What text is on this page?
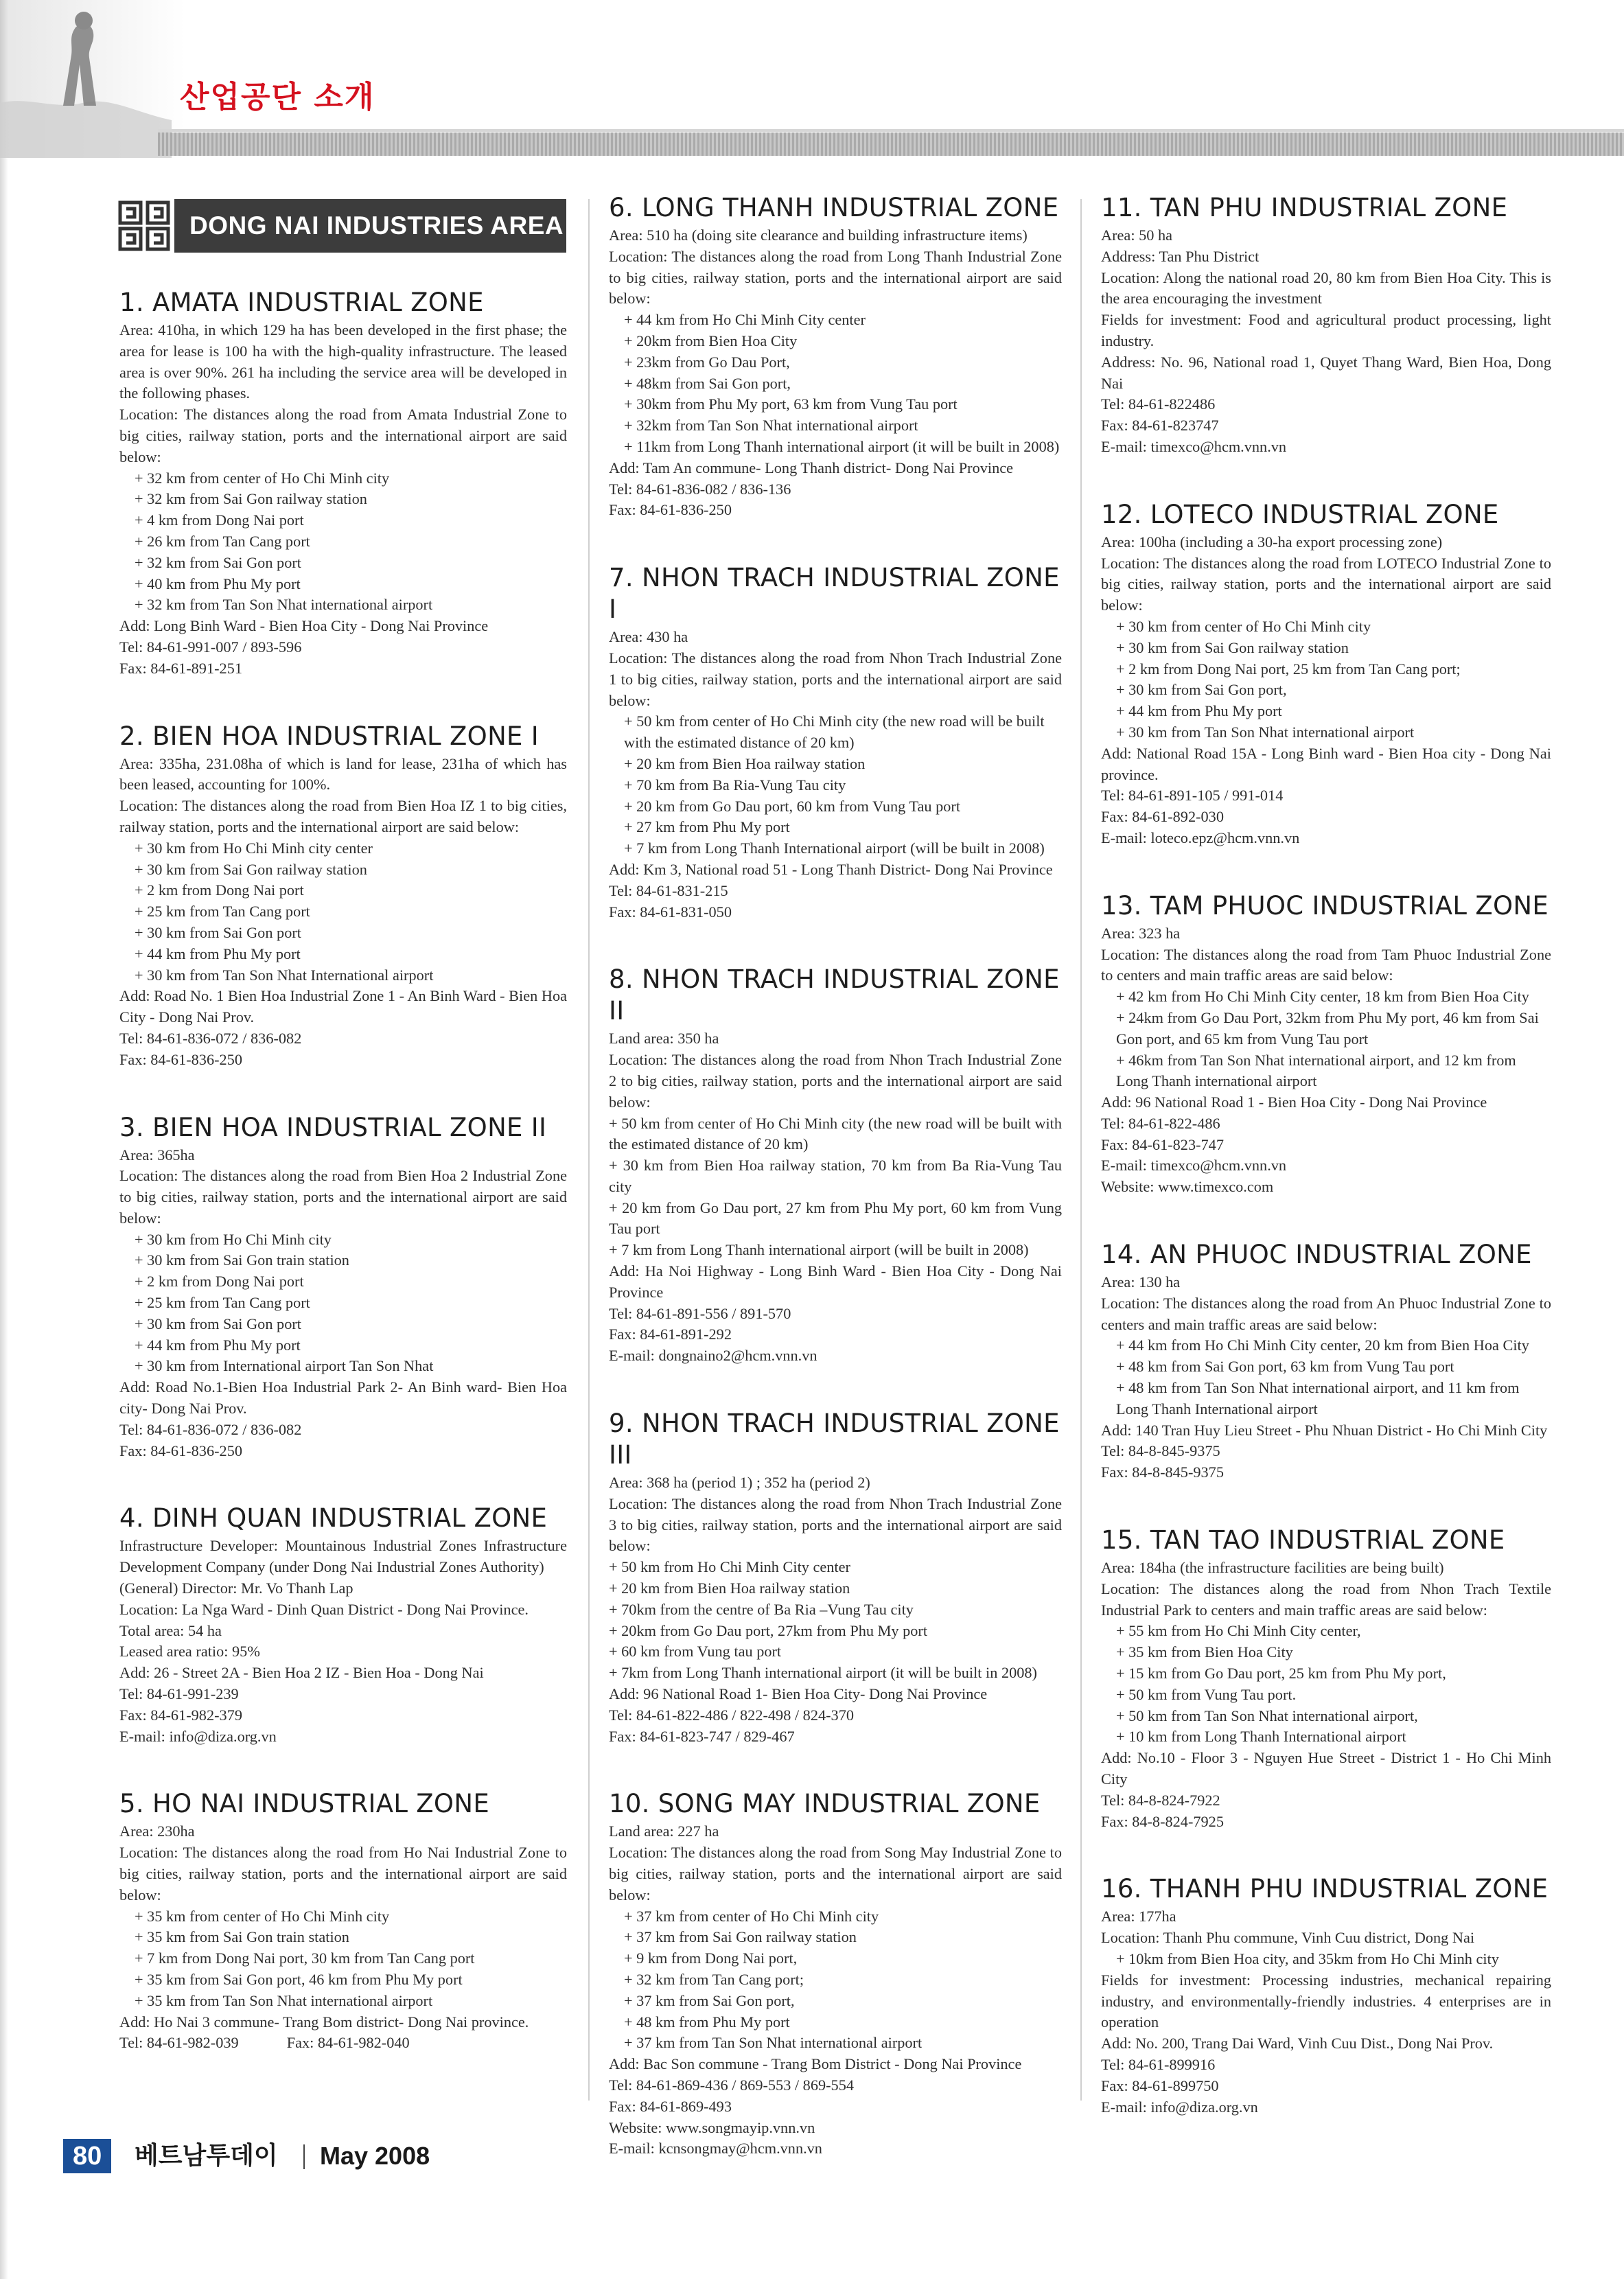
산업공단 소개
DONG NAI INDUSTRIES AREA
1. AMATA INDUSTRIAL ZONE

Area: 410ha, in which 129 ha has been developed in the first phase; the area for lease is 100 ha with the high-quality infrastructure. The leased area is over 90%. 261 ha including the service area will be developed in the following phases.

Location: The distances along the road from Amata Industrial Zone to big cities, railway station, ports and the international airport are said below:

+ 32 km from center of Ho Chi Minh city

+ 32 km from Sai Gon railway station

+ 4 km from Dong Nai port

+ 26 km from Tan Cang port

+ 32 km from Sai Gon port

+ 40 km from Phu My port

+ 32 km from Tan Son Nhat international airport

Add: Long Binh Ward - Bien Hoa City - Dong Nai Province

Tel: 84-61-991-007 / 893-596

Fax: 84-61-891-251

2. BIEN HOA INDUSTRIAL ZONE I

Area: 335ha, 231.08ha of which is land for lease, 231ha of which has been leased, accounting for 100%.

Location: The distances along the road from Bien Hoa IZ 1 to big cities, railway station, ports and the international airport are said below:

+ 30 km from Ho Chi Minh city center

+ 30 km from Sai Gon railway station

+ 2 km from Dong Nai port

+ 25 km from Tan Cang port

+ 30 km from Sai Gon port

+ 44 km from Phu My port

+ 30 km from Tan Son Nhat International airport

Add: Road No. 1 Bien Hoa Industrial Zone 1 - An Binh Ward - Bien Hoa City - Dong Nai Prov.

Tel: 84-61-836-072 / 836-082

Fax: 84-61-836-250

3. BIEN HOA INDUSTRIAL ZONE II

Area: 365ha

Location: The distances along the road from Bien Hoa 2 Industrial Zone to big cities, railway station, ports and the international airport are said below:

+ 30 km from Ho Chi Minh city

+ 30 km from Sai Gon train station

+ 2 km from Dong Nai port

+ 25 km from Tan Cang port

+ 30 km from Sai Gon port

+ 44 km from Phu My port

+ 30 km from International airport Tan Son Nhat

Add: Road No.1-Bien Hoa Industrial Park 2- An Binh ward- Bien Hoa city- Dong Nai Prov.

Tel: 84-61-836-072 / 836-082

Fax: 84-61-836-250

4. DINH QUAN INDUSTRIAL ZONE

Infrastructure Developer: Mountainous Industrial Zones Infrastructure Development Company (under Dong Nai Industrial Zones Authority)

(General) Director: Mr. Vo Thanh Lap

Location: La Nga Ward - Dinh Quan District - Dong Nai Province.

Total area: 54 ha

Leased area ratio: 95%

Add: 26 - Street 2A - Bien Hoa 2 IZ - Bien Hoa - Dong Nai

Tel: 84-61-991-239

Fax: 84-61-982-379

E-mail: info@diza.org.vn

5. HO NAI INDUSTRIAL ZONE

Area: 230ha

Location: The distances along the road from Ho Nai Industrial Zone to big cities, railway station, ports and the international airport are said below:

+ 35 km from center of Ho Chi Minh city

+ 35 km from Sai Gon train station

+ 7 km from Dong Nai port, 30 km from Tan Cang port

+ 35 km from Sai Gon port, 46 km from Phu My port

+ 35 km from Tan Son Nhat international airport

Add: Ho Nai 3 commune- Trang Bom district- Dong Nai province.

Tel: 84-61-982-039	Fax: 84-61-982-040

6. LONG THANH INDUSTRIAL ZONE

Area: 510 ha (doing site clearance and building infrastructure items)

Location: The distances along the road from Long Thanh Industrial Zone to big cities, railway station, ports and the international airport are said below:

+ 44 km from Ho Chi Minh City center

+ 20km from Bien Hoa City

+ 23km from Go Dau Port,

+ 48km from Sai Gon port,

+ 30km from Phu My port, 63 km from Vung Tau port

+ 32km from Tan Son Nhat international airport

+ 11km from Long Thanh international airport (it will be built in 2008)

Add: Tam An commune- Long Thanh district- Dong Nai Province

Tel: 84-61-836-082 / 836-136

Fax: 84-61-836-250

7. NHON TRACH INDUSTRIAL ZONE I

Area: 430 ha

Location: The distances along the road from Nhon Trach Industrial Zone 1 to big cities, railway station, ports and the international airport are said below:

+ 50 km from center of Ho Chi Minh city (the new road will be built with the estimated distance of 20 km)

+ 20 km from Bien Hoa railway station

+ 70 km from Ba Ria-Vung Tau city

+ 20 km from Go Dau port, 60 km from Vung Tau port

+ 27 km from Phu My port

+ 7 km from Long Thanh International airport (will be built in 2008)

Add: Km 3, National road 51 - Long Thanh District- Dong Nai Province

Tel: 84-61-831-215

Fax: 84-61-831-050

8. NHON TRACH INDUSTRIAL ZONE II

Land area: 350 ha

Location: The distances along the road from Nhon Trach Industrial Zone 2 to big cities, railway station, ports and the international airport are said below:

+ 50 km from center of Ho Chi Minh city (the new road will be built with the estimated distance of 20 km)

+ 30 km from Bien Hoa railway station, 70 km from Ba Ria-Vung Tau city

+ 20 km from Go Dau port, 27 km from Phu My port, 60 km from Vung Tau port

+ 7 km from Long Thanh international airport (will be built in 2008)

Add: Ha Noi Highway - Long Binh Ward - Bien Hoa City - Dong Nai Province

Tel: 84-61-891-556 / 891-570

Fax: 84-61-891-292

E-mail: dongnaino2@hcm.vnn.vn

9. NHON TRACH INDUSTRIAL ZONE III

Area: 368 ha (period 1) ; 352 ha (period 2)

Location: The distances along the road from Nhon Trach Industrial Zone 3 to big cities, railway station, ports and the international airport are said below:

+ 50 km from Ho Chi Minh City center

+ 20 km from Bien Hoa railway station

+ 70km from the centre of Ba Ria –Vung Tau city

+ 20km from Go Dau port, 27km from Phu My port

+ 60 km from Vung tau port

+ 7km from Long Thanh international airport (it will be built in 2008)

Add: 96 National Road 1- Bien Hoa City- Dong Nai Province

Tel: 84-61-822-486 / 822-498 / 824-370

Fax: 84-61-823-747 / 829-467

10. SONG MAY INDUSTRIAL ZONE

Land area: 227 ha

Location: The distances along the road from Song May Industrial Zone to big cities, railway station, ports and the international airport are said below:

+ 37 km from center of Ho Chi Minh city

+ 37 km from Sai Gon railway station

+ 9 km from Dong Nai port,

+ 32 km from Tan Cang port;

+ 37 km from Sai Gon port,

+ 48 km from Phu My port

+ 37 km from Tan Son Nhat international airport

Add: Bac Son commune - Trang Bom District - Dong Nai Province

Tel: 84-61-869-436 / 869-553 / 869-554

Fax: 84-61-869-493

Website: www.songmayip.vnn.vn

E-mail: kcnsongmay@hcm.vnn.vn

11. TAN PHU INDUSTRIAL ZONE

Area: 50 ha

Address: Tan Phu District

Location: Along the national road 20, 80 km from Bien Hoa City. This is the area encouraging the investment

Fields for investment: Food and agricultural product processing, light industry.

Address: No. 96, National road 1, Quyet Thang Ward, Bien Hoa, Dong Nai

Tel: 84-61-822486

Fax: 84-61-823747

E-mail: timexco@hcm.vnn.vn

12. LOTECO INDUSTRIAL ZONE

Area: 100ha (including a 30-ha export processing zone)

Location: The distances along the road from LOTECO Industrial Zone to big cities, railway station, ports and the international airport are said below:

+ 30 km from center of Ho Chi Minh city

+ 30 km from Sai Gon railway station

+ 2 km from Dong Nai port, 25 km from Tan Cang port;

+ 30 km from Sai Gon port,

+ 44 km from Phu My port

+ 30 km from Tan Son Nhat international airport

Add: National Road 15A - Long Binh ward - Bien Hoa city - Dong Nai province.

Tel: 84-61-891-105 / 991-014

Fax: 84-61-892-030

E-mail: loteco.epz@hcm.vnn.vn

13. TAM PHUOC INDUSTRIAL ZONE

Area: 323 ha

Location: The distances along the road from Tam Phuoc Industrial Zone to centers and main traffic areas are said below:

+ 42 km from Ho Chi Minh City center, 18 km from Bien Hoa City

+ 24km from Go Dau Port, 32km from Phu My port, 46 km from Sai Gon port, and 65 km from Vung Tau port

+ 46km from Tan Son Nhat international airport, and 12 km from Long Thanh international airport

Add: 96 National Road 1 - Bien Hoa City - Dong Nai Province

Tel: 84-61-822-486

Fax: 84-61-823-747

E-mail: timexco@hcm.vnn.vn

Website: www.timexco.com

14. AN PHUOC INDUSTRIAL ZONE

Area: 130 ha

Location: The distances along the road from An Phuoc Industrial Zone to centers and main traffic areas are said below:

+ 44 km from Ho Chi Minh City center, 20 km from Bien Hoa City

+ 48 km from Sai Gon port, 63 km from Vung Tau port

+ 48 km from Tan Son Nhat international airport, and 11 km from Long Thanh International airport

Add: 140 Tran Huy Lieu Street - Phu Nhuan District - Ho Chi Minh City

Tel: 84-8-845-9375

Fax: 84-8-845-9375

15. TAN TAO INDUSTRIAL ZONE

Area: 184ha (the infrastructure facilities are being built)

Location: The distances along the road from Nhon Trach Textile Industrial Park to centers and main traffic areas are said below:

+ 55 km from Ho Chi Minh City center,

+ 35 km from Bien Hoa City

+ 15 km from Go Dau port, 25 km from Phu My port,

+ 50 km from Vung Tau port.

+ 50 km from Tan Son Nhat international airport,

+ 10 km from Long Thanh International airport

Add: No.10 - Floor 3 - Nguyen Hue Street - District 1 - Ho Chi Minh City

Tel: 84-8-824-7922

Fax: 84-8-824-7925

16. THANH PHU INDUSTRIAL ZONE

Area: 177ha

Location: Thanh Phu commune, Vinh Cuu district, Dong Nai

+ 10km from Bien Hoa city, and 35km from Ho Chi Minh city

Fields for investment: Processing industries, mechanical repairing industry, and environmentally-friendly industries. 4 enterprises are in operation

Add: No. 200, Trang Dai Ward, Vinh Cuu Dist., Dong Nai Prov.

Tel: 84-61-899916

Fax: 84-61-899750

E-mail: info@diza.org.vn

80	베트남투데이 May 2008
